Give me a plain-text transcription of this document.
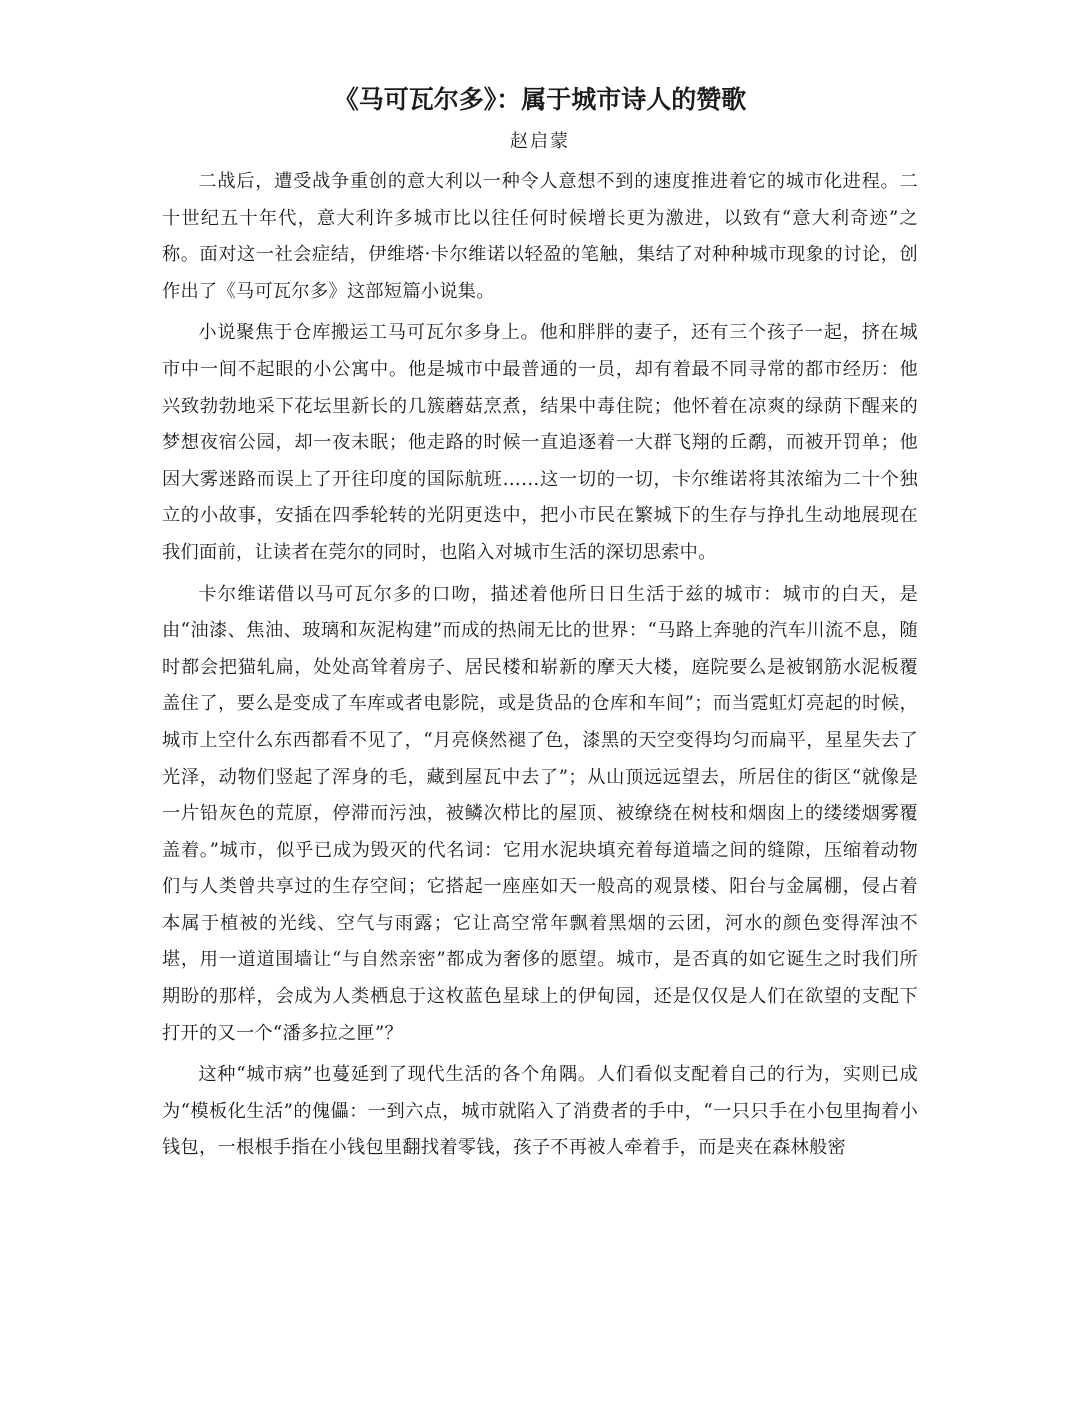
《马可瓦尔多》：属于城市诗人的赞歌
赵启蒙

二战后，遭受战争重创的意大利以一种令人意想不到的速度推进着它的城市化进程。二十世纪五十年代，意大利许多城市比以往任何时候增长更为激进，以致有“意大利奇迹”之称。面对这一社会症结，伊维塔·卡尔维诺以轻盈的笔触，集结了对种种城市现象的讨论，创作出了《马可瓦尔多》这部短篇小说集。

小说聚焦于仓库搬运工马可瓦尔多身上。他和胖胖的妻子，还有三个孩子一起，挤在城市中一间不起眼的小公寓中。他是城市中最普通的一员，却有着最不同寻常的都市经历：他兴致勃勃地采下花坛里新长的几簇蘑菇烹煮，结果中毒住院；他怀着在凉爽的绿荫下醒来的梦想夜宿公园，却一夜未眠；他走路的时候一直追逐着一大群飞翔的丘鹬，而被开罚单；他因大雾迷路而误上了开往印度的国际航班……这一切的一切，卡尔维诺将其浓缩为二十个独立的小故事，安插在四季轮转的光阴更迭中，把小市民在繁城下的生存与挣扎生动地展现在我们面前，让读者在莞尔的同时，也陷入对城市生活的深切思索中。

卡尔维诺借以马可瓦尔多的口吻，描述着他所日日生活于兹的城市：城市的白天，是由“油漆、焦油、玻璃和灰泥构建”而成的热闹无比的世界：“马路上奔驰的汽车川流不息，随时都会把猫轧扁，处处高耸着房子、居民楼和崭新的摩天大楼，庭院要么是被钢筋水泥板覆盖住了，要么是变成了车库或者电影院，或是货品的仓库和车间”；而当霓虹灯亮起的时候，城市上空什么东西都看不见了，“月亮倏然褪了色，漆黑的天空变得均匀而扁平，星星失去了光泽，动物们竖起了浑身的毛，藏到屋瓦中去了”；从山顶远远望去，所居住的街区“就像是一片铅灰色的荒原，停滞而污浊，被鳞次栉比的屋顶、被缭绕在树枝和烟囱上的缕缕烟雾覆盖着。”城市，似乎已成为毁灭的代名词：它用水泥块填充着每道墙之间的缝隙，压缩着动物们与人类曾共享过的生存空间；它搭起一座座如天一般高的观景楼、阳台与金属棚，侵占着本属于植被的光线、空气与雨露；它让高空常年飘着黑烟的云团，河水的颜色变得浑浊不堪，用一道道围墙让“与自然亲密”都成为奢侈的愿望。城市，是否真的如它诞生之时我们所期盼的那样，会成为人类栖息于这枚蓝色星球上的伊甸园，还是仅仅是人们在欲望的支配下打开的又一个“潘多拉之匣”？

这种“城市病”也蔓延到了现代生活的各个角隅。人们看似支配着自己的行为，实则已成为“模板化生活”的傀儡：一到六点，城市就陷入了消费者的手中，“一只只手在小包里掏着小钱包，一根根手指在小钱包里翻找着零钱，孩子不再被人牵着手，而是夹在森林般密
